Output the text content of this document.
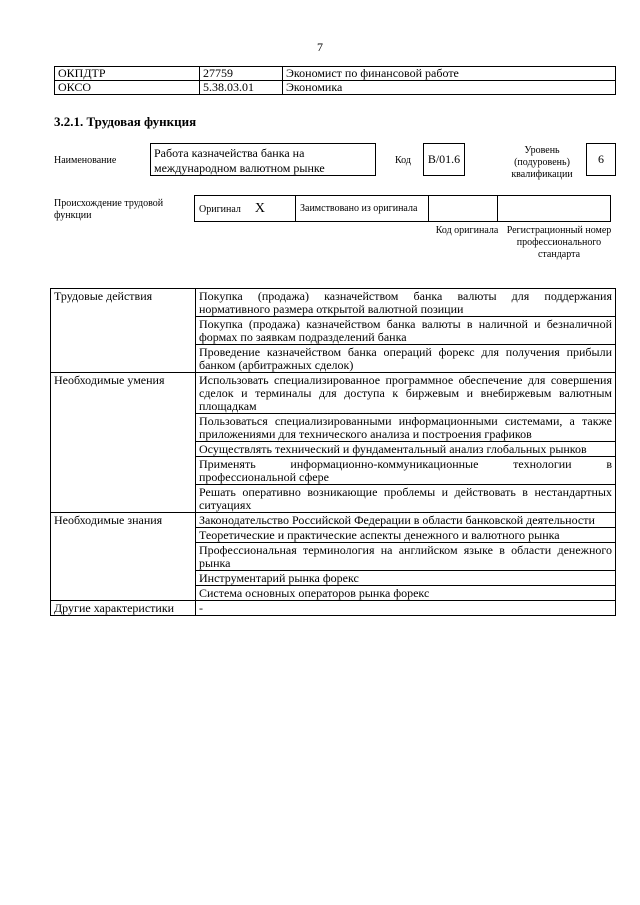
7
ОКПДТР	27759	Экономист по финансовой работе
ОКСО	5.38.03.01	Экономика
3.2.1. Трудовая функция
Наименование
Работа казначейства банка на международном валютном рынке
Код	B/01.6
Уровень (подуровень) квалификации
6
Происхождение трудовой функции
Оригинал X	Заимствовано из оригинала		
Код оригинала Регистрационный номер профессионального стандарта
Трудовые действия	Покупка (продажа) казначейством банка валюты для поддержания нормативного размера открытой валютной позиции
	Покупка (продажа) казначейством банка валюты в наличной и безналичной формах по заявкам подразделений банка
	Проведение казначейством банка операций форекс для получения прибыли банком (арбитражных сделок)
Необходимые умения	Использовать специализированное программное обеспечение для совершения сделок и терминалы для доступа к биржевым и внебиржевым валютным площадкам
	Пользоваться специализированными информационными системами, а также приложениями для технического анализа и построения графиков
	Осуществлять технический и фундаментальный анализ глобальных рынков
	Применять информационно-коммуникационные технологии в профессиональной сфере
	Решать оперативно возникающие проблемы и действовать в нестандартных ситуациях
Необходимые знания	Законодательство Российской Федерации в области банковской деятельности
	Теоретические и практические аспекты денежного и валютного рынка
	Профессиональная терминология на английском языке в области денежного рынка
	Инструментарий рынка форекс
	Система основных операторов рынка форекс
Другие характеристики	-
